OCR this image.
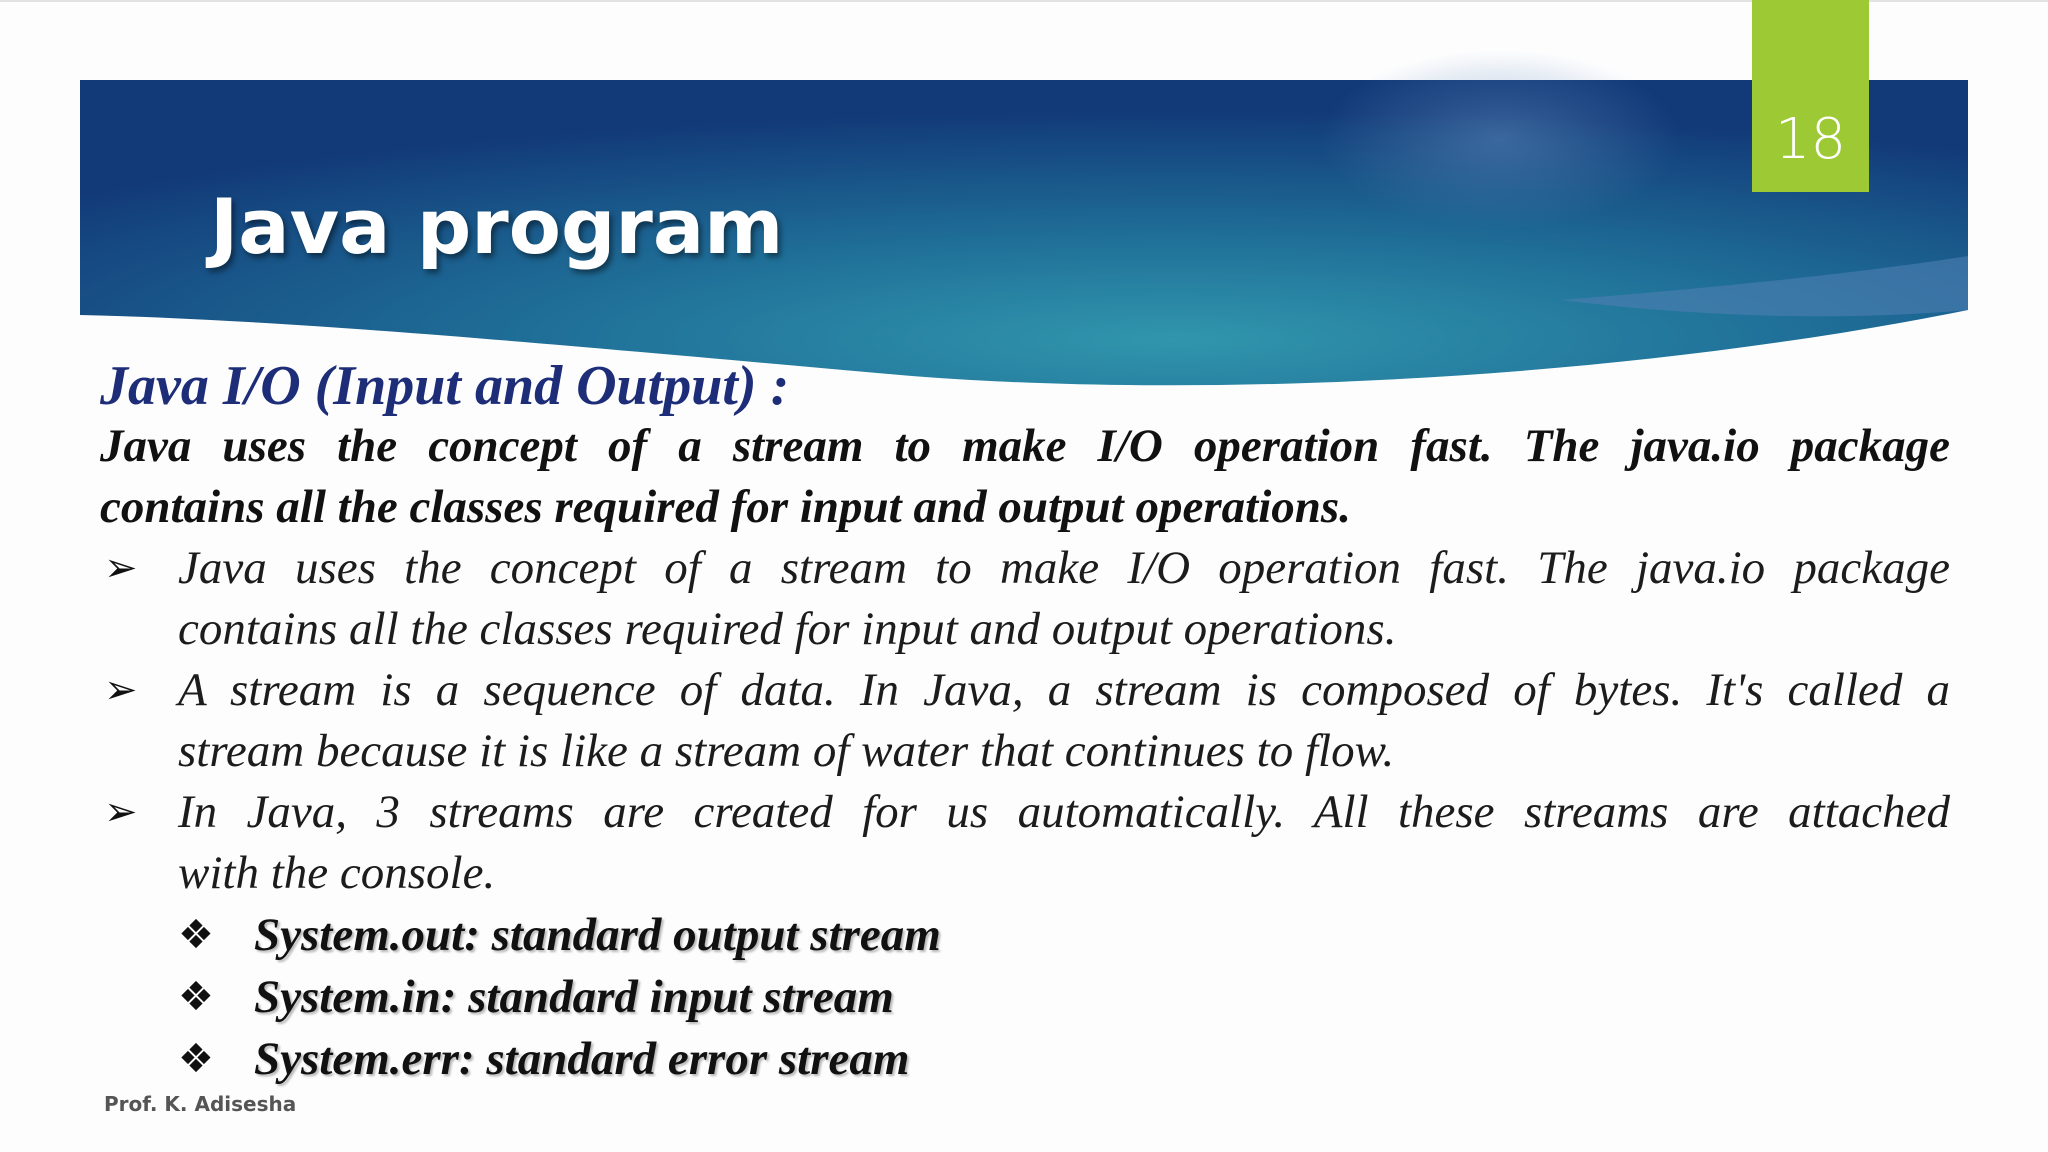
18
Java program
Java I/O (Input and Output) :
Java uses the concept of a stream to make I/O operation fast. The java.io package
contains all the classes required for input and output operations.
➢ Java uses the concept of a stream to make I/O operation fast. The java.io package
contains all the classes required for input and output operations.
➢ A stream is a sequence of data. In Java, a stream is composed of bytes. It's called a
stream because it is like a stream of water that continues to flow.
➢ In Java, 3 streams are created for us automatically. All these streams are attached
with the console.
❖ System.out: standard output stream
❖ System.in: standard input stream
❖ System.err: standard error stream
Prof. K. Adisesha
